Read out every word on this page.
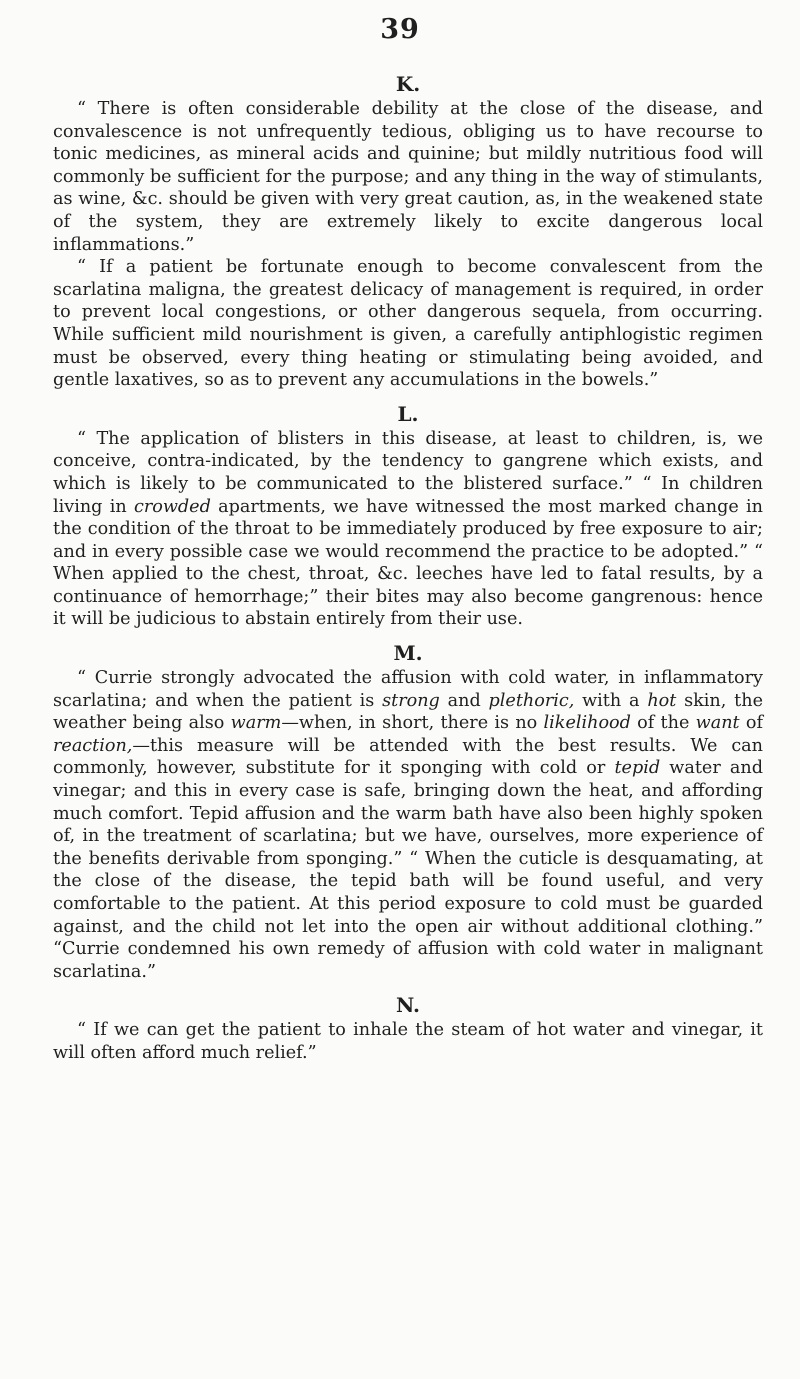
39
K.

“ There is often considerable debility at the close of the disease, and convalescence is not unfrequently tedious, obliging us to have recourse to tonic medicines, as mineral acids and quinine; but mildly nutritious food will commonly be sufficient for the purpose; and any thing in the way of stimulants, as wine, &c. should be given with very great caution, as, in the weakened state of the system, they are extremely likely to excite dangerous local inflammations.”

“ If a patient be fortunate enough to become convalescent from the scarlatina maligna, the greatest delicacy of management is required, in order to prevent local congestions, or other dangerous sequela, from occurring. While sufficient mild nourishment is given, a carefully antiphlogistic regimen must be observed, every thing heating or stimulating being avoided, and gentle laxatives, so as to prevent any accumulations in the bowels.”

L.

“ The application of blisters in this disease, at least to children, is, we conceive, contra-indicated, by the tendency to gangrene which exists, and which is likely to be communicated to the blistered surface.” “ In children living in crowded apartments, we have witnessed the most marked change in the condition of the throat to be immediately produced by free exposure to air; and in every possible case we would recommend the practice to be adopted.” “ When applied to the chest, throat, &c. leeches have led to fatal results, by a continuance of hemorrhage;” their bites may also become gangrenous: hence it will be judicious to abstain entirely from their use.

M.

“ Currie strongly advocated the affusion with cold water, in inflammatory scarlatina; and when the patient is strong and plethoric, with a hot skin, the weather being also warm—when, in short, there is no likelihood of the want of reaction,—this measure will be attended with the best results. We can commonly, however, substitute for it sponging with cold or tepid water and vinegar; and this in every case is safe, bringing down the heat, and affording much comfort. Tepid affusion and the warm bath have also been highly spoken of, in the treatment of scarlatina; but we have, ourselves, more experience of the benefits derivable from sponging.” “ When the cuticle is desquamating, at the close of the disease, the tepid bath will be found useful, and very comfortable to the patient. At this period exposure to cold must be guarded against, and the child not let into the open air without additional clothing.” “Currie condemned his own remedy of affusion with cold water in malignant scarlatina.”

N.

“ If we can get the patient to inhale the steam of hot water and vinegar, it will often afford much relief.”
